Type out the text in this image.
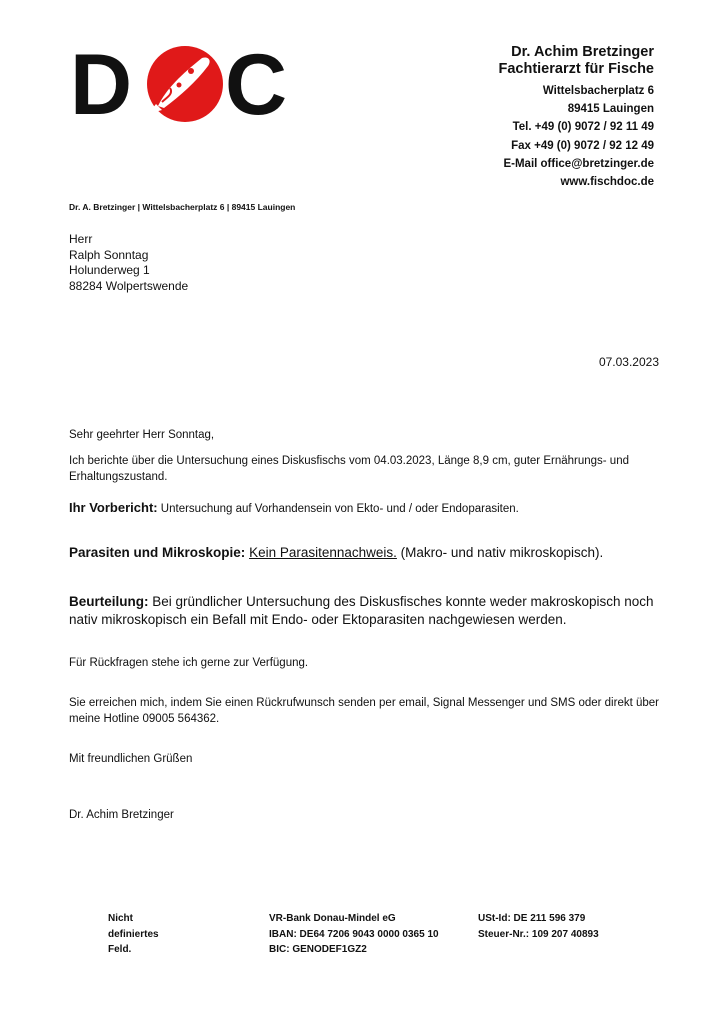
D C	Dr. Achim Bretzinger
Fachtierarzt für Fische
Wittelsbacherplatz 6
89415 Lauingen
Tel. +49 (0) 9072 / 92 11 49
Fax +49 (0) 9072 / 92 12 49
E-Mail office@bretzinger.de
www.fischdoc.de
Dr. A. Bretzinger | Wittelsbacherplatz 6 | 89415 Lauingen
Herr
Ralph Sonntag
Holunderweg 1
88284 Wolpertswende
07.03.2023
Sehr geehrter Herr Sonntag,
Ich berichte über die Untersuchung eines Diskusfischs vom 04.03.2023, Länge 8,9 cm, guter Ernährungs- und Erhaltungszustand.
Ihr Vorbericht: Untersuchung auf Vorhandensein von Ekto- und / oder Endoparasiten.
Parasiten und Mikroskopie: Kein Parasitennachweis. (Makro- und nativ mikroskopisch).
Beurteilung: Bei gründlicher Untersuchung des Diskusfisches konnte weder makroskopisch noch nativ mikroskopisch ein Befall mit Endo- oder Ektoparasiten nachgewiesen werden.
Für Rückfragen stehe ich gerne zur Verfügung.
Sie erreichen mich, indem Sie einen Rückrufwunsch senden per email, Signal Messenger und SMS oder direkt über meine Hotline 09005 564362.
Mit freundlichen Grüßen
Dr. Achim Bretzinger
Nicht
definiertes
Feld.
VR-Bank Donau-Mindel eG
IBAN: DE64 7206 9043 0000 0365 10
BIC: GENODEF1GZ2
USt-Id: DE 211 596 379
Steuer-Nr.: 109 207 40893
